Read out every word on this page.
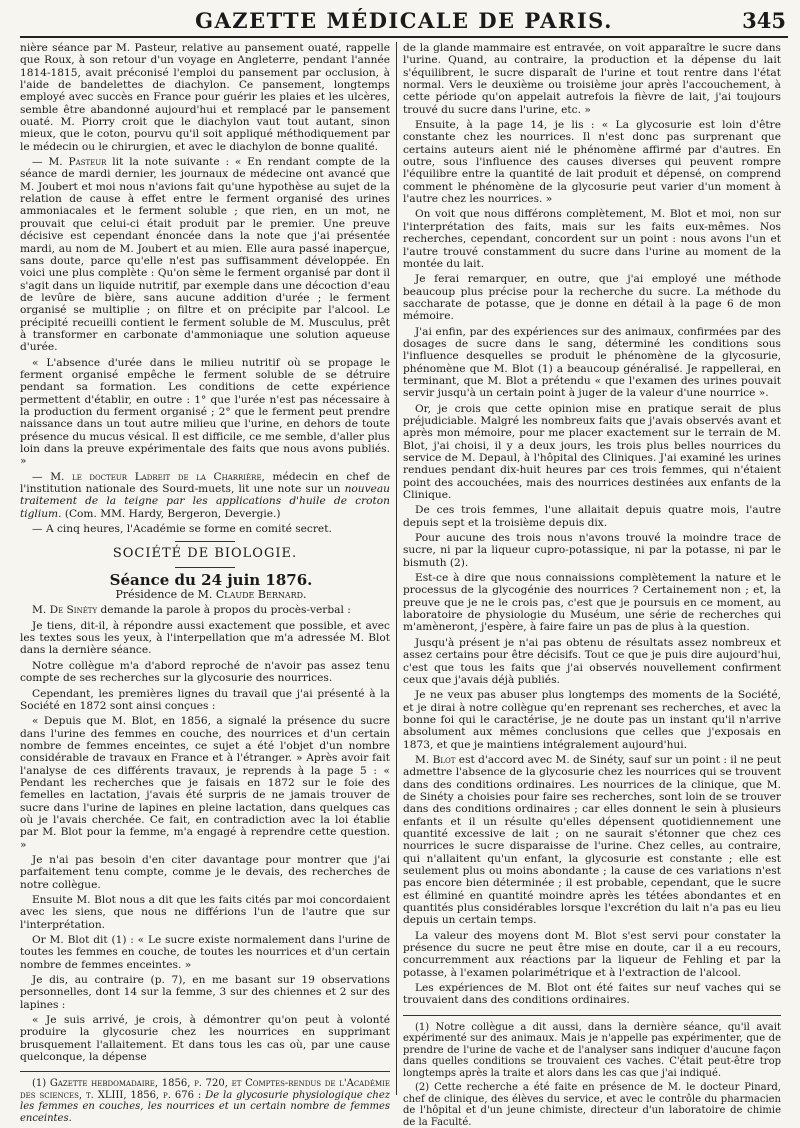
GAZETTE MÉDICALE DE PARIS.	345

nière séance par M. Pasteur, relative au pansement ouaté, rappelle que Roux, à son retour d'un voyage en Angleterre, pendant l'année 1814-1815, avait préconisé l'emploi du pansement par occlusion, à l'aide de bandelettes de diachylon. Ce pansement, longtemps employé avec succès en France pour guérir les plaies et les ulcères, semble être abandonné aujourd'hui et remplacé par le pansement ouaté. M. Piorry croit que le diachylon vaut tout autant, sinon mieux, que le coton, pourvu qu'il soit appliqué méthodiquement par le médecin ou le chirurgien, et avec le diachylon de bonne qualité.

— M. Pasteur lit la note suivante : « En rendant compte de la séance de mardi dernier, les journaux de médecine ont avancé que M. Joubert et moi nous n'avions fait qu'une hypothèse au sujet de la relation de cause à effet entre le ferment organisé des urines ammoniacales et le ferment soluble ; que rien, en un mot, ne prouvait que celui-ci était produit par le premier. Une preuve décisive est cependant énoncée dans la note que j'ai présentée mardi, au nom de M. Joubert et au mien. Elle aura passé inaperçue, sans doute, parce qu'elle n'est pas suffisamment développée. En voici une plus complète : Qu'on sème le ferment organisé par dont il s'agit dans un liquide nutritif, par exemple dans une décoction d'eau de levûre de bière, sans aucune addition d'urée ; le ferment organisé se multiplie ; on filtre et on précipite par l'alcool. Le précipité recueilli contient le ferment soluble de M. Musculus, prêt à transformer en carbonate d'ammoniaque une solution aqueuse d'urée.

« L'absence d'urée dans le milieu nutritif où se propage le ferment organisé empêche le ferment soluble de se détruire pendant sa formation. Les conditions de cette expérience permettent d'établir, en outre : 1° que l'urée n'est pas nécessaire à la production du ferment organisé ; 2° que le ferment peut prendre naissance dans un tout autre milieu que l'urine, en dehors de toute présence du mucus vésical. Il est difficile, ce me semble, d'aller plus loin dans la preuve expérimentale des faits que nous avons publiés. »

— M. le docteur Ladreit de la Charrière, médecin en chef de l'institution nationale des Sourd-muets, lit une note sur un nouveau traitement de la teigne par les applications d'huile de croton tiglium. (Com. MM. Hardy, Bergeron, Devergie.)

— A cinq heures, l'Académie se forme en comité secret.

SOCIÉTÉ DE BIOLOGIE.

Séance du 24 juin 1876.

Présidence de M. Claude Bernard.

M. De Sinéty demande la parole à propos du procès-verbal :

Je tiens, dit-il, à répondre aussi exactement que possible, et avec les textes sous les yeux, à l'interpellation que m'a adressée M. Blot dans la dernière séance.

Notre collègue m'a d'abord reproché de n'avoir pas assez tenu compte de ses recherches sur la glycosurie des nourrices.

Cependant, les premières lignes du travail que j'ai présenté à la Société en 1872 sont ainsi conçues :

« Depuis que M. Blot, en 1856, a signalé la présence du sucre dans l'urine des femmes en couche, des nourrices et d'un certain nombre de femmes enceintes, ce sujet a été l'objet d'un nombre considérable de travaux en France et à l'étranger. » Après avoir fait l'analyse de ces différents travaux, je reprends à la page 5 : « Pendant les recherches que je faisais en 1872 sur le foie des femelles en lactation, j'avais été surpris de ne jamais trouver de sucre dans l'urine de lapines en pleine lactation, dans quelques cas où je l'avais cherchée. Ce fait, en contradiction avec la loi établie par M. Blot pour la femme, m'a engagé à reprendre cette question. »

Je n'ai pas besoin d'en citer davantage pour montrer que j'ai parfaitement tenu compte, comme je le devais, des recherches de notre collègue.

Ensuite M. Blot nous a dit que les faits cités par moi concordaient avec les siens, que nous ne différions l'un de l'autre que sur l'interprétation.

Or M. Blot dit (1) : « Le sucre existe normalement dans l'urine de toutes les femmes en couche, de toutes les nourrices et d'un certain nombre de femmes enceintes. »

Je dis, au contraire (p. 7), en me basant sur 19 observations personnelles, dont 14 sur la femme, 3 sur des chiennes et 2 sur des lapines :

« Je suis arrivé, je crois, à démontrer qu'on peut à volonté produire la glycosurie chez les nourrices en supprimant brusquement l'allaitement. Et dans tous les cas où, par une cause quelconque, la dépense

(1) Gazette hebdomadaire, 1856, p. 720, et Comptes-rendus de l'Académie des sciences, t. XLIII, 1856, p. 676 : De la glycosurie physiologique chez les femmes en couches, les nourrices et un certain nombre de femmes enceintes.

de la glande mammaire est entravée, on voit apparaître le sucre dans l'urine. Quand, au contraire, la production et la dépense du lait s'équilibrent, le sucre disparaît de l'urine et tout rentre dans l'état normal. Vers le deuxième ou troisième jour après l'accouchement, à cette période qu'on appelait autrefois la fièvre de lait, j'ai toujours trouvé du sucre dans l'urine, etc. »

Ensuite, à la page 14, je lis : « La glycosurie est loin d'être constante chez les nourrices. Il n'est donc pas surprenant que certains auteurs aient nié le phénomène affirmé par d'autres. En outre, sous l'influence des causes diverses qui peuvent rompre l'équilibre entre la quantité de lait produit et dépensé, on comprend comment le phénomène de la glycosurie peut varier d'un moment à l'autre chez les nourrices. »

On voit que nous différons complètement, M. Blot et moi, non sur l'interprétation des faits, mais sur les faits eux-mêmes. Nos recherches, cependant, concordent sur un point : nous avons l'un et l'autre trouvé constamment du sucre dans l'urine au moment de la montée du lait.

Je ferai remarquer, en outre, que j'ai employé une méthode beaucoup plus précise pour la recherche du sucre. La méthode du saccharate de potasse, que je donne en détail à la page 6 de mon mémoire.

J'ai enfin, par des expériences sur des animaux, confirmées par des dosages de sucre dans le sang, déterminé les conditions sous l'influence desquelles se produit le phénomène de la glycosurie, phénomène que M. Blot (1) a beaucoup généralisé. Je rappellerai, en terminant, que M. Blot a prétendu « que l'examen des urines pouvait servir jusqu'à un certain point à juger de la valeur d'une nourrice ».

Or, je crois que cette opinion mise en pratique serait de plus préjudiciable. Malgré les nombreux faits que j'avais observés avant et après mon mémoire, pour me placer exactement sur le terrain de M. Blot, j'ai choisi, il y a deux jours, les trois plus belles nourrices du service de M. Depaul, à l'hôpital des Cliniques. J'ai examiné les urines rendues pendant dix-huit heures par ces trois femmes, qui n'étaient point des accouchées, mais des nourrices destinées aux enfants de la Clinique.

De ces trois femmes, l'une allaitait depuis quatre mois, l'autre depuis sept et la troisième depuis dix.

Pour aucune des trois nous n'avons trouvé la moindre trace de sucre, ni par la liqueur cupro-potassique, ni par la potasse, ni par le bismuth (2).

Est-ce à dire que nous connaissions complètement la nature et le processus de la glycogénie des nourrices ? Certainement non ; et, la preuve que je ne le crois pas, c'est que je poursuis en ce moment, au laboratoire de physiologie du Muséum, une série de recherches qui m'amèneront, j'espère, à faire faire un pas de plus à la question.

Jusqu'à présent je n'ai pas obtenu de résultats assez nombreux et assez certains pour être décisifs. Tout ce que je puis dire aujourd'hui, c'est que tous les faits que j'ai observés nouvellement confirment ceux que j'avais déjà publiés.

Je ne veux pas abuser plus longtemps des moments de la Société, et je dirai à notre collègue qu'en reprenant ses recherches, et avec la bonne foi qui le caractérise, je ne doute pas un instant qu'il n'arrive absolument aux mêmes conclusions que celles que j'exposais en 1873, et que je maintiens intégralement aujourd'hui.

M. Blot est d'accord avec M. de Sinéty, sauf sur un point : il ne peut admettre l'absence de la glycosurie chez les nourrices qui se trouvent dans des conditions ordinaires. Les nourrices de la clinique, que M. de Sinéty a choisies pour faire ses recherches, sont loin de se trouver dans des conditions ordinaires ; car elles donnent le sein à plusieurs enfants et il un résulte qu'elles dépensent quotidiennement une quantité excessive de lait ; on ne saurait s'étonner que chez ces nourrices le sucre disparaisse de l'urine. Chez celles, au contraire, qui n'allaitent qu'un enfant, la glycosurie est constante ; elle est seulement plus ou moins abondante ; la cause de ces variations n'est pas encore bien déterminée ; il est probable, cependant, que le sucre est éliminé en quantité moindre après les tétées abondantes et en quantités plus considérables lorsque l'excrétion du lait n'a pas eu lieu depuis un certain temps.

La valeur des moyens dont M. Blot s'est servi pour constater la présence du sucre ne peut être mise en doute, car il a eu recours, concurremment aux réactions par la liqueur de Fehling et par la potasse, à l'examen polarimétrique et à l'extraction de l'alcool.

Les expériences de M. Blot ont été faites sur neuf vaches qui se trouvaient dans des conditions ordinaires.

(1) Notre collègue a dit aussi, dans la dernière séance, qu'il avait expérimenté sur des animaux. Mais je n'appelle pas expérimenter, que de prendre de l'urine de vache et de l'analyser sans indiquer d'aucune façon dans quelles conditions se trouvaient ces vaches. C'était peut-être trop longtemps après la traite et alors dans les cas que j'ai indiqué.

(2) Cette recherche a été faite en présence de M. le docteur Pinard, chef de clinique, des élèves du service, et avec le contrôle du pharmacien de l'hôpital et d'un jeune chimiste, directeur d'un laboratoire de chimie de la Faculté.
